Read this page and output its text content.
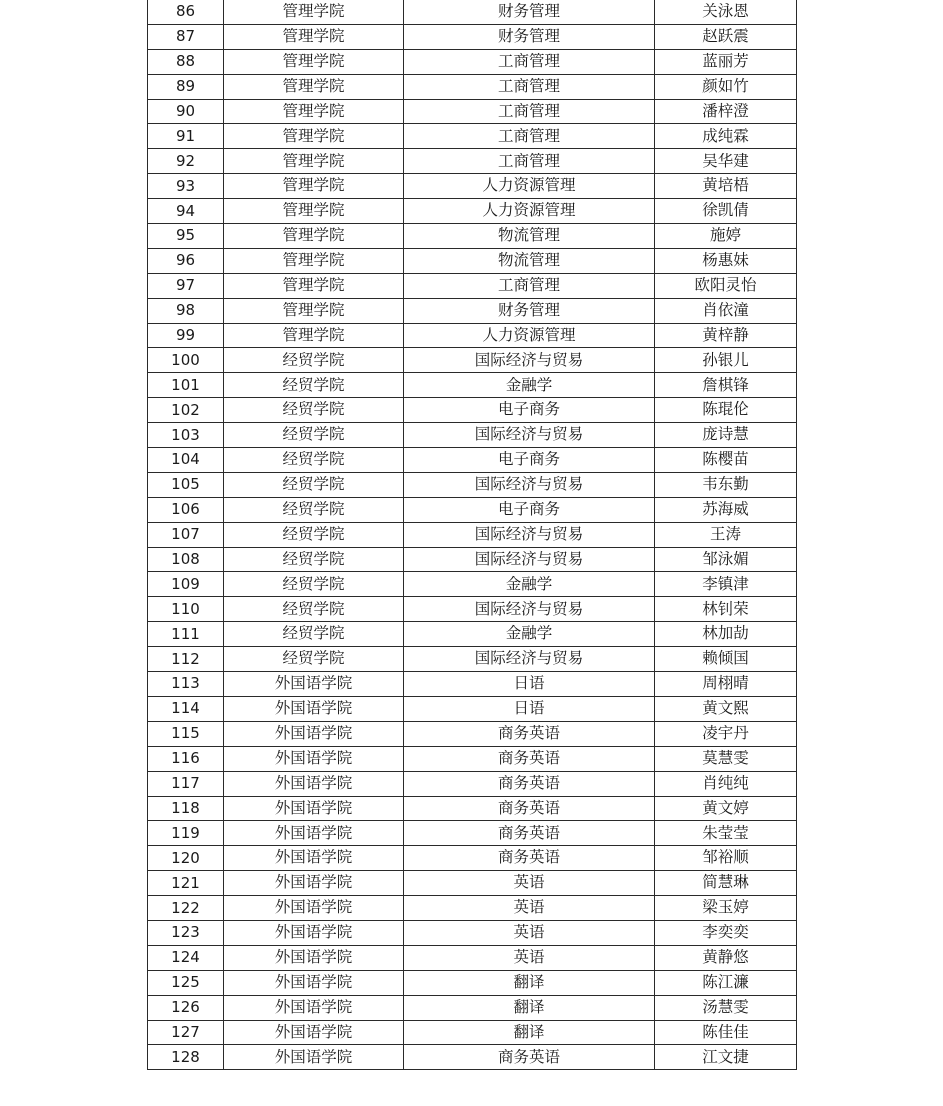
86	管理学院	财务管理	关泳恩
87	管理学院	财务管理	赵跃震
88	管理学院	工商管理	蓝丽芳
89	管理学院	工商管理	颜如竹
90	管理学院	工商管理	潘梓澄
91	管理学院	工商管理	成纯霖
92	管理学院	工商管理	吴华建
93	管理学院	人力资源管理	黄培梧
94	管理学院	人力资源管理	徐凯倩
95	管理学院	物流管理	施婷
96	管理学院	物流管理	杨惠妹
97	管理学院	工商管理	欧阳灵怡
98	管理学院	财务管理	肖依潼
99	管理学院	人力资源管理	黄梓静
100	经贸学院	国际经济与贸易	孙银儿
101	经贸学院	金融学	詹棋锋
102	经贸学院	电子商务	陈琨伦
103	经贸学院	国际经济与贸易	庞诗慧
104	经贸学院	电子商务	陈樱苗
105	经贸学院	国际经济与贸易	韦东勤
106	经贸学院	电子商务	苏海威
107	经贸学院	国际经济与贸易	王涛
108	经贸学院	国际经济与贸易	邹泳媚
109	经贸学院	金融学	李镇津
110	经贸学院	国际经济与贸易	林钊荣
111	经贸学院	金融学	林加劼
112	经贸学院	国际经济与贸易	赖倾国
113	外国语学院	日语	周栩晴
114	外国语学院	日语	黄文熙
115	外国语学院	商务英语	凌宇丹
116	外国语学院	商务英语	莫慧雯
117	外国语学院	商务英语	肖纯纯
118	外国语学院	商务英语	黄文婷
119	外国语学院	商务英语	朱莹莹
120	外国语学院	商务英语	邹裕顺
121	外国语学院	英语	简慧琳
122	外国语学院	英语	梁玉婷
123	外国语学院	英语	李奕奕
124	外国语学院	英语	黄静悠
125	外国语学院	翻译	陈江濂
126	外国语学院	翻译	汤慧雯
127	外国语学院	翻译	陈佳佳
128	外国语学院	商务英语	江文捷
